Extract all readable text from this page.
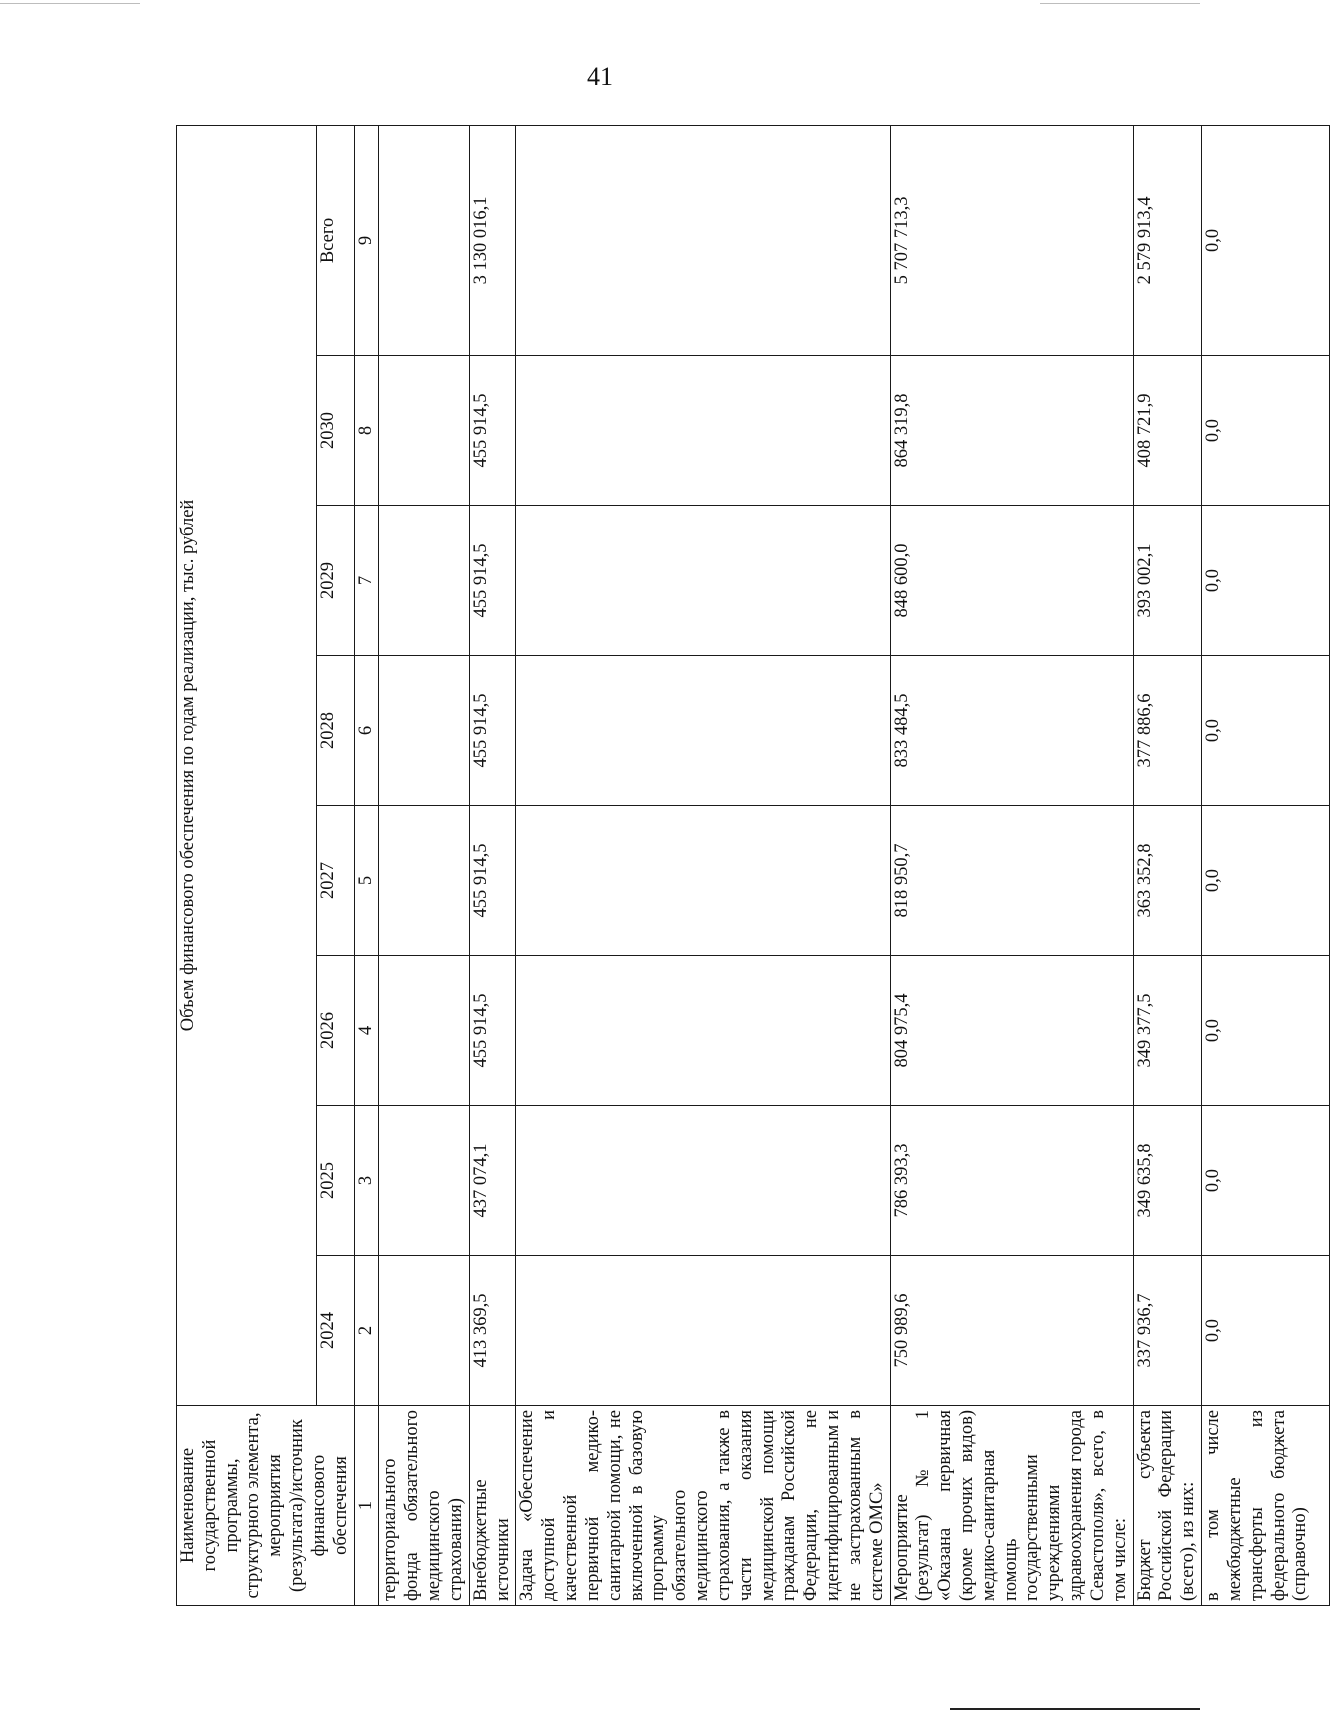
41
Наименование государственной программы, структурного элемента, мероприятия (результата)/источник финансового обеспечения	Объем финансового обеспечения по годам реализации, тыс. рублей							
	2024	2025	2026	2027	2028	2029	2030	Всего
1	2	3	4	5	6	7	8	9
территориального фонда обязательного медицинского страхования)								
Внебюджетные источники	413 369,5	437 074,1	455 914,5	455 914,5	455 914,5	455 914,5	455 914,5	3 130 016,1
Задача «Обеспечение доступной и качественной первичной медико-санитарной помощи, не включенной в базовую программу обязательного медицинского страхования, а также в части оказания медицинской помощи гражданам Российской Федерации, не идентифицированным и не застрахованным в системе ОМС»								
Мероприятие (результат) № 1 «Оказана первичная (кроме прочих видов) медико-санитарная помощь государственными учреждениями здравоохранения города Севастополя», всего, в том числе:	750 989,6	786 393,3	804 975,4	818 950,7	833 484,5	848 600,0	864 319,8	5 707 713,3
Бюджет субъекта Российской Федерации (всего), из них:	337 936,7	349 635,8	349 377,5	363 352,8	377 886,6	393 002,1	408 721,9	2 579 913,4
в том числе межбюджетные трансферты из федерального бюджета (справочно)	0,0	0,0	0,0	0,0	0,0	0,0	0,0	0,0
